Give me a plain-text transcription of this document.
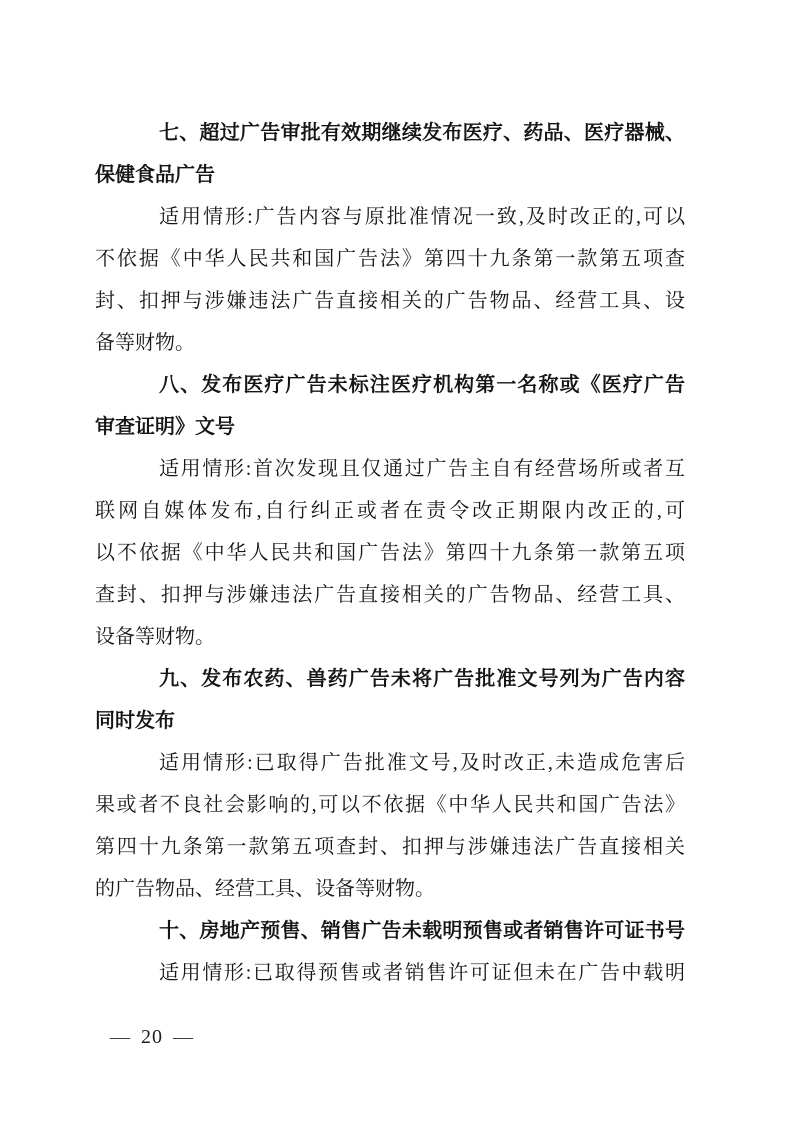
七、超过广告审批有效期继续发布医疗、药品、医疗器械、
保健食品广告
适用情形:广告内容与原批准情况一致,及时改正的,可以
不依据《中华人民共和国广告法》第四十九条第一款第五项查
封、扣押与涉嫌违法广告直接相关的广告物品、经营工具、设
备等财物。
八、发布医疗广告未标注医疗机构第一名称或《医疗广告
审查证明》文号
适用情形:首次发现且仅通过广告主自有经营场所或者互
联网自媒体发布,自行纠正或者在责令改正期限内改正的,可
以不依据《中华人民共和国广告法》第四十九条第一款第五项
查封、扣押与涉嫌违法广告直接相关的广告物品、经营工具、
设备等财物。
九、发布农药、兽药广告未将广告批准文号列为广告内容
同时发布
适用情形:已取得广告批准文号,及时改正,未造成危害后
果或者不良社会影响的,可以不依据《中华人民共和国广告法》
第四十九条第一款第五项查封、扣押与涉嫌违法广告直接相关
的广告物品、经营工具、设备等财物。
十、房地产预售、销售广告未载明预售或者销售许可证书号
适用情形:已取得预售或者销售许可证但未在广告中载明
— 20 —
